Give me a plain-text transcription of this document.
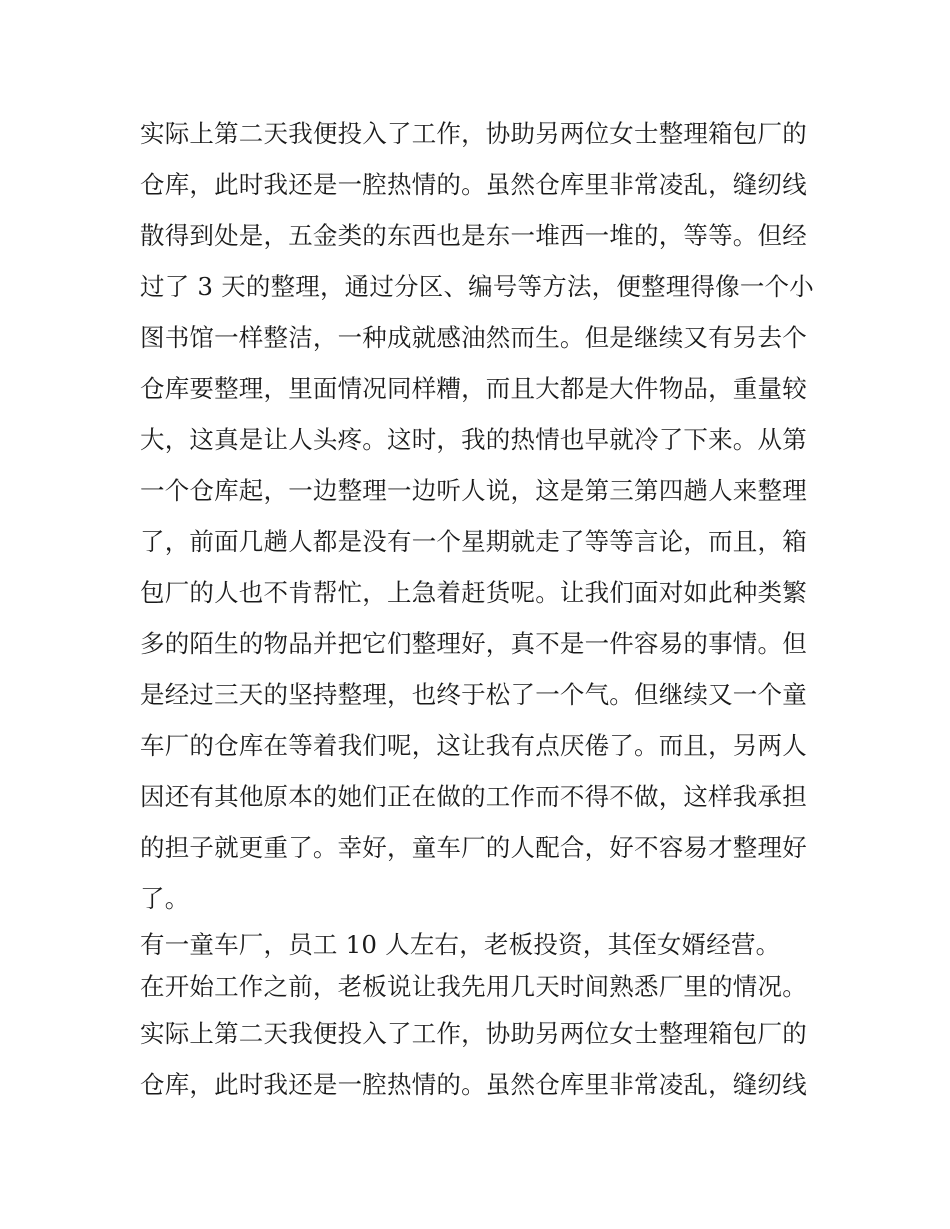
实际上第二天我便投入了工作，协助另两位女士整理箱包厂的
仓库，此时我还是一腔热情的。虽然仓库里非常凌乱，缝纫线
散得到处是，五金类的东西也是东一堆西一堆的，等等。但经
过了 3 天的整理，通过分区、编号等方法，便整理得像一个小
图书馆一样整洁，一种成就感油然而生。但是继续又有另去个
仓库要整理，里面情况同样糟，而且大都是大件物品，重量较
大，这真是让人头疼。这时，我的热情也早就冷了下来。从第
一个仓库起，一边整理一边听人说，这是第三第四趟人来整理
了，前面几趟人都是没有一个星期就走了等等言论，而且，箱
包厂的人也不肯帮忙，上急着赶货呢。让我们面对如此种类繁
多的陌生的物品并把它们整理好，真不是一件容易的事情。但
是经过三天的坚持整理，也终于松了一个气。但继续又一个童
车厂的仓库在等着我们呢，这让我有点厌倦了。而且，另两人
因还有其他原本的她们正在做的工作而不得不做，这样我承担
的担子就更重了。幸好，童车厂的人配合，好不容易才整理好
了。
有一童车厂，员工 10 人左右，老板投资，其侄女婿经营。
在开始工作之前，老板说让我先用几天时间熟悉厂里的情况。
实际上第二天我便投入了工作，协助另两位女士整理箱包厂的
仓库，此时我还是一腔热情的。虽然仓库里非常凌乱，缝纫线
